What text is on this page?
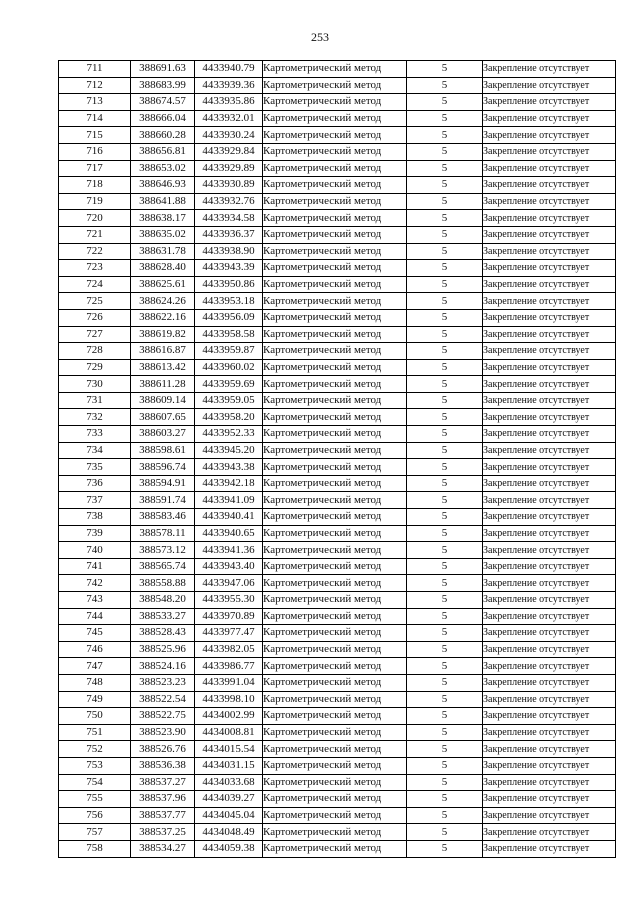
253
711	388691.63	4433940.79	Картометрический метод	5	Закрепление отсутствует
712	388683.99	4433939.36	Картометрический метод	5	Закрепление отсутствует
713	388674.57	4433935.86	Картометрический метод	5	Закрепление отсутствует
714	388666.04	4433932.01	Картометрический метод	5	Закрепление отсутствует
715	388660.28	4433930.24	Картометрический метод	5	Закрепление отсутствует
716	388656.81	4433929.84	Картометрический метод	5	Закрепление отсутствует
717	388653.02	4433929.89	Картометрический метод	5	Закрепление отсутствует
718	388646.93	4433930.89	Картометрический метод	5	Закрепление отсутствует
719	388641.88	4433932.76	Картометрический метод	5	Закрепление отсутствует
720	388638.17	4433934.58	Картометрический метод	5	Закрепление отсутствует
721	388635.02	4433936.37	Картометрический метод	5	Закрепление отсутствует
722	388631.78	4433938.90	Картометрический метод	5	Закрепление отсутствует
723	388628.40	4433943.39	Картометрический метод	5	Закрепление отсутствует
724	388625.61	4433950.86	Картометрический метод	5	Закрепление отсутствует
725	388624.26	4433953.18	Картометрический метод	5	Закрепление отсутствует
726	388622.16	4433956.09	Картометрический метод	5	Закрепление отсутствует
727	388619.82	4433958.58	Картометрический метод	5	Закрепление отсутствует
728	388616.87	4433959.87	Картометрический метод	5	Закрепление отсутствует
729	388613.42	4433960.02	Картометрический метод	5	Закрепление отсутствует
730	388611.28	4433959.69	Картометрический метод	5	Закрепление отсутствует
731	388609.14	4433959.05	Картометрический метод	5	Закрепление отсутствует
732	388607.65	4433958.20	Картометрический метод	5	Закрепление отсутствует
733	388603.27	4433952.33	Картометрический метод	5	Закрепление отсутствует
734	388598.61	4433945.20	Картометрический метод	5	Закрепление отсутствует
735	388596.74	4433943.38	Картометрический метод	5	Закрепление отсутствует
736	388594.91	4433942.18	Картометрический метод	5	Закрепление отсутствует
737	388591.74	4433941.09	Картометрический метод	5	Закрепление отсутствует
738	388583.46	4433940.41	Картометрический метод	5	Закрепление отсутствует
739	388578.11	4433940.65	Картометрический метод	5	Закрепление отсутствует
740	388573.12	4433941.36	Картометрический метод	5	Закрепление отсутствует
741	388565.74	4433943.40	Картометрический метод	5	Закрепление отсутствует
742	388558.88	4433947.06	Картометрический метод	5	Закрепление отсутствует
743	388548.20	4433955.30	Картометрический метод	5	Закрепление отсутствует
744	388533.27	4433970.89	Картометрический метод	5	Закрепление отсутствует
745	388528.43	4433977.47	Картометрический метод	5	Закрепление отсутствует
746	388525.96	4433982.05	Картометрический метод	5	Закрепление отсутствует
747	388524.16	4433986.77	Картометрический метод	5	Закрепление отсутствует
748	388523.23	4433991.04	Картометрический метод	5	Закрепление отсутствует
749	388522.54	4433998.10	Картометрический метод	5	Закрепление отсутствует
750	388522.75	4434002.99	Картометрический метод	5	Закрепление отсутствует
751	388523.90	4434008.81	Картометрический метод	5	Закрепление отсутствует
752	388526.76	4434015.54	Картометрический метод	5	Закрепление отсутствует
753	388536.38	4434031.15	Картометрический метод	5	Закрепление отсутствует
754	388537.27	4434033.68	Картометрический метод	5	Закрепление отсутствует
755	388537.96	4434039.27	Картометрический метод	5	Закрепление отсутствует
756	388537.77	4434045.04	Картометрический метод	5	Закрепление отсутствует
757	388537.25	4434048.49	Картометрический метод	5	Закрепление отсутствует
758	388534.27	4434059.38	Картометрический метод	5	Закрепление отсутствует
